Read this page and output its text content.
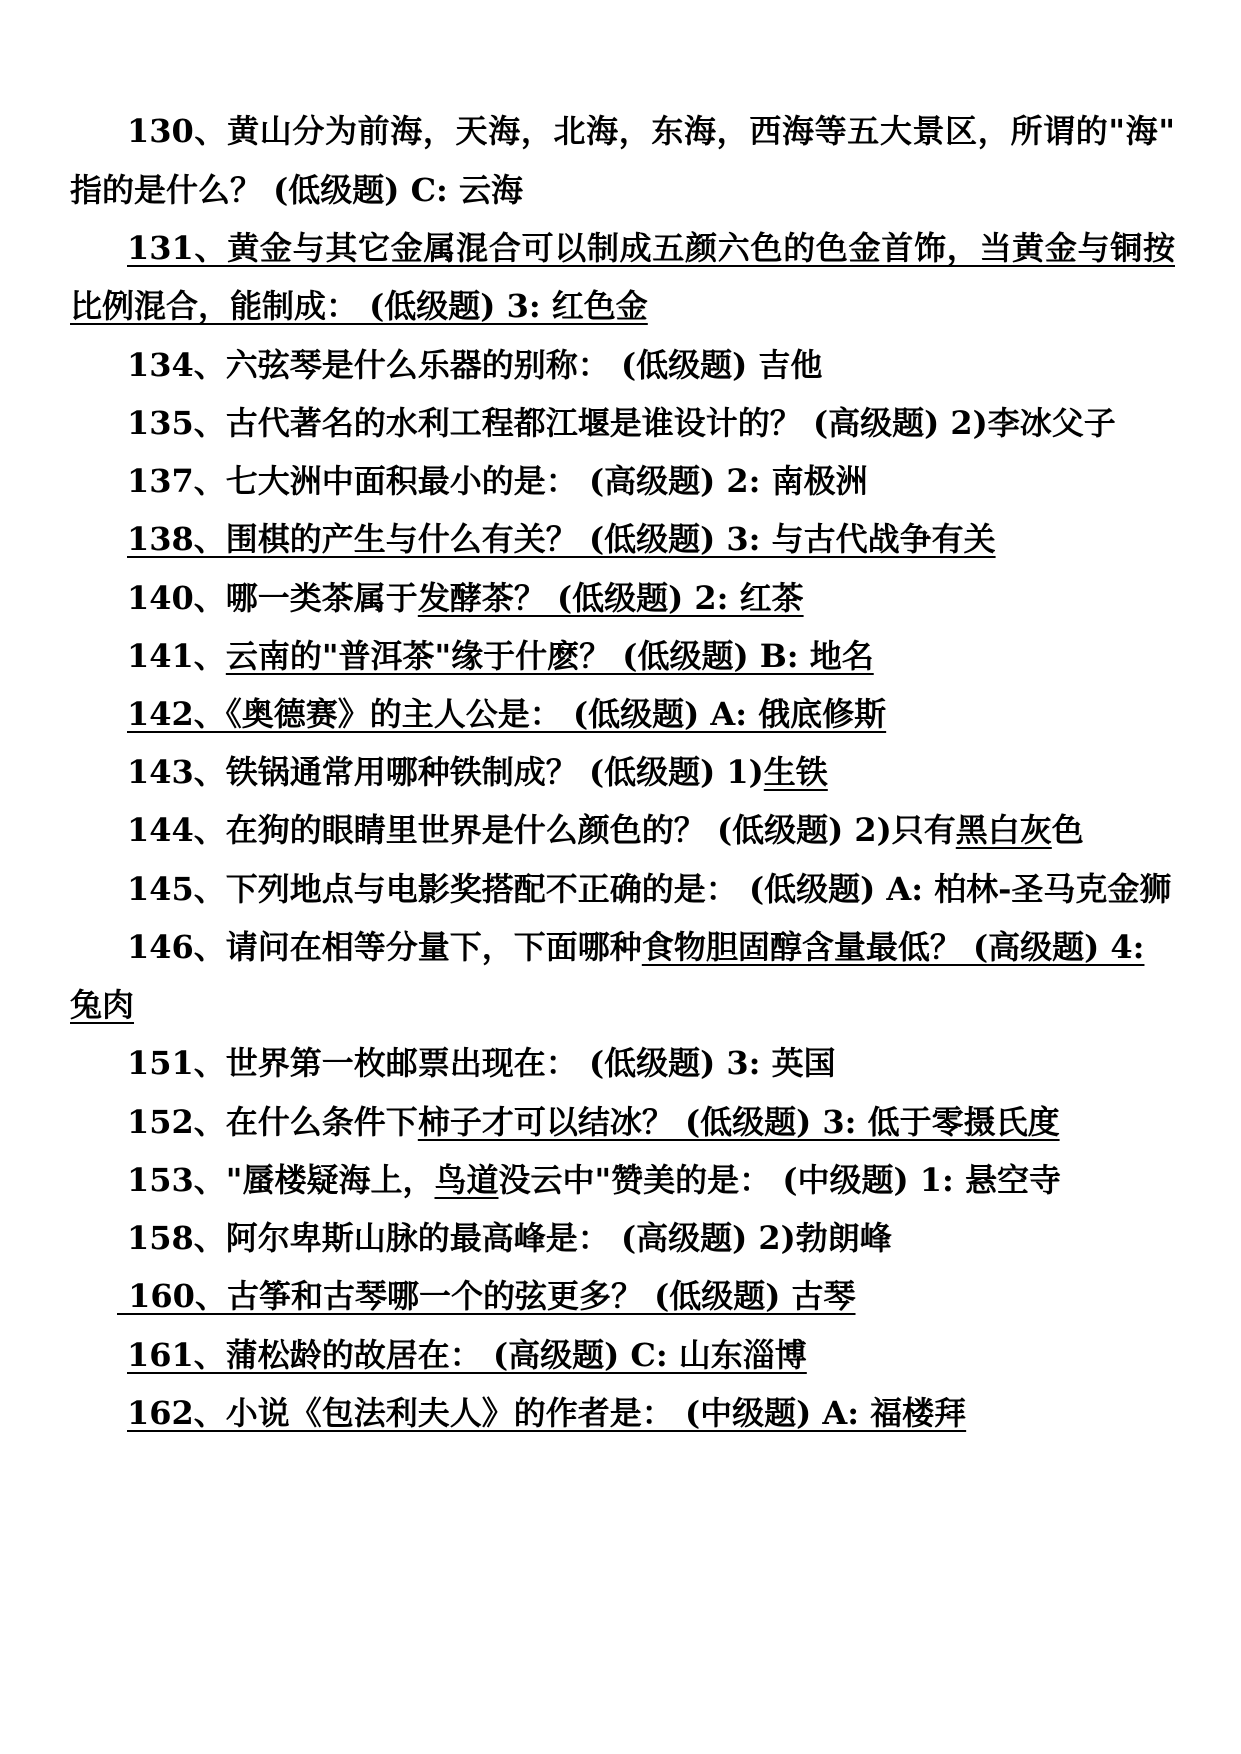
130、黄山分为前海，天海，北海，东海，西海等五大景区，所谓的"海"
指的是什么？ (低级题) C: 云海
131、黄金与其它金属混合可以制成五颜六色的色金首饰，当黄金与铜按
比例混合，能制成： (低级题) 3: 红色金
134、六弦琴是什么乐器的别称： (低级题) 吉他
135、古代著名的水利工程都江堰是谁设计的？ (高级题) 2)李冰父子
137、七大洲中面积最小的是： (高级题) 2: 南极洲
138、围棋的产生与什么有关？ (低级题) 3: 与古代战争有关
140、哪一类茶属于发酵茶？ (低级题) 2: 红茶
141、云南的"普洱茶"缘于什麽？ (低级题) B: 地名
142、《奥德赛》的主人公是： (低级题) A: 俄底修斯
143、铁锅通常用哪种铁制成？ (低级题) 1)生铁
144、在狗的眼睛里世界是什么颜色的？ (低级题) 2)只有黑白灰色
145、下列地点与电影奖搭配不正确的是： (低级题) A: 柏林-圣马克金狮
146、请问在相等分量下，下面哪种食物胆固醇含量最低？ (高级题) 4:
兔肉
151、世界第一枚邮票出现在： (低级题) 3: 英国
152、在什么条件下柿子才可以结冰？ (低级题) 3: 低于零摄氏度
153、"蜃楼疑海上，鸟道没云中"赞美的是： (中级题) 1: 悬空寺
158、阿尔卑斯山脉的最高峰是： (高级题) 2)勃朗峰
160、古筝和古琴哪一个的弦更多？ (低级题) 古琴
161、蒲松龄的故居在： (高级题) C: 山东淄博
162、小说《包法利夫人》的作者是： (中级题) A: 福楼拜
